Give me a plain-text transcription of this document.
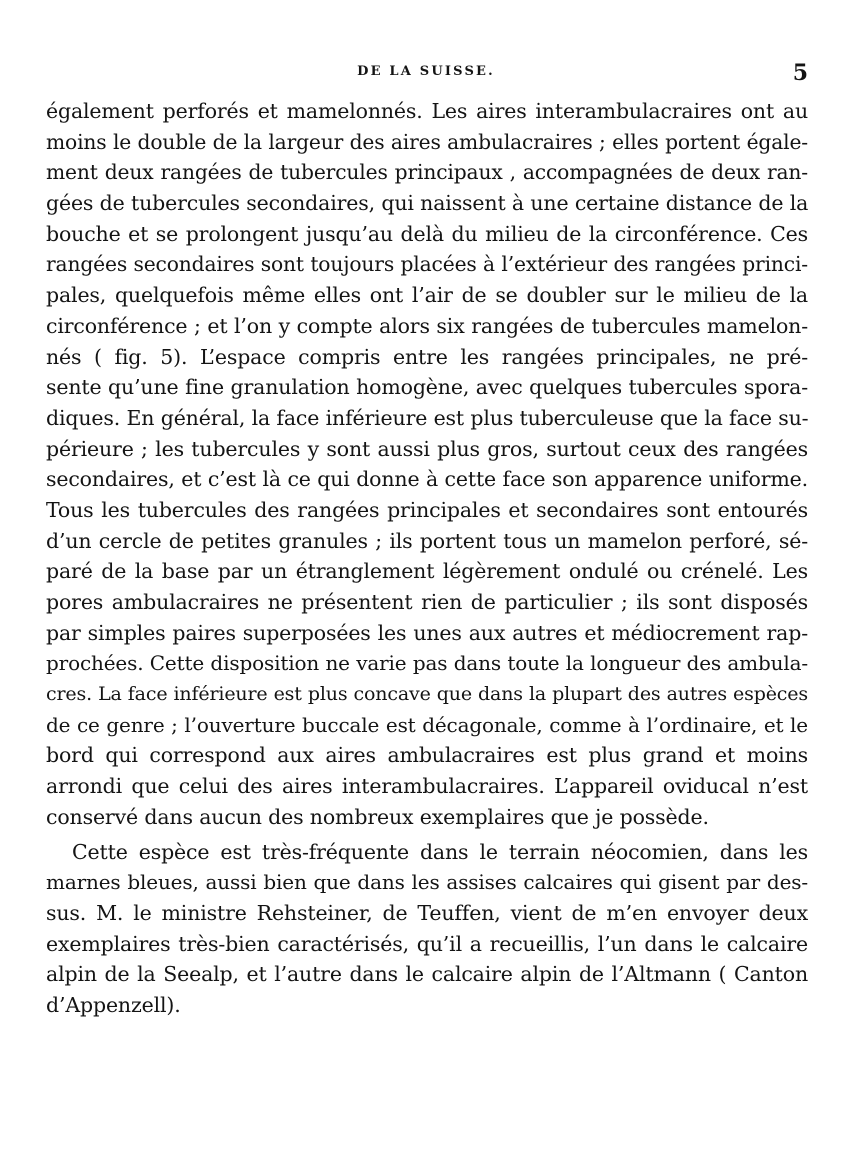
DE LA SUISSE.	5
également perforés et mamelonnés. Les aires interambulacraires ont au
moins le double de la largeur des aires ambulacraires ; elles portent égale-
ment deux rangées de tubercules principaux , accompagnées de deux ran-
gées de tubercules secondaires, qui naissent à une certaine distance de la
bouche et se prolongent jusqu’au delà du milieu de la circonférence. Ces
rangées secondaires sont toujours placées à l’extérieur des rangées princi-
pales, quelquefois même elles ont l’air de se doubler sur le milieu de la
circonférence ; et l’on y compte alors six rangées de tubercules mamelon-
nés ( fig. 5). L’espace compris entre les rangées principales, ne pré-
sente qu’une fine granulation homogène, avec quelques tubercules spora-
diques. En général, la face inférieure est plus tuberculeuse que la face su-
périeure ; les tubercules y sont aussi plus gros, surtout ceux des rangées
secondaires, et c’est là ce qui donne à cette face son apparence uniforme.
Tous les tubercules des rangées principales et secondaires sont entourés
d’un cercle de petites granules ; ils portent tous un mamelon perforé, sé-
paré de la base par un étranglement légèrement ondulé ou crénelé. Les
pores ambulacraires ne présentent rien de particulier ; ils sont disposés
par simples paires superposées les unes aux autres et médiocrement rap-
prochées. Cette disposition ne varie pas dans toute la longueur des ambula-
cres. La face inférieure est plus concave que dans la plupart des autres espèces
de ce genre ; l’ouverture buccale est décagonale, comme à l’ordinaire, et le
bord qui correspond aux aires ambulacraires est plus grand et moins
arrondi que celui des aires interambulacraires. L’appareil oviducal n’est
conservé dans aucun des nombreux exemplaires que je possède.
Cette espèce est très-fréquente dans le terrain néocomien, dans les
marnes bleues, aussi bien que dans les assises calcaires qui gisent par des-
sus. M. le ministre Rehsteiner, de Teuffen, vient de m’en envoyer deux
exemplaires très-bien caractérisés, qu’il a recueillis, l’un dans le calcaire
alpin de la Seealp, et l’autre dans le calcaire alpin de l’Altmann ( Canton
d’Appenzell).
